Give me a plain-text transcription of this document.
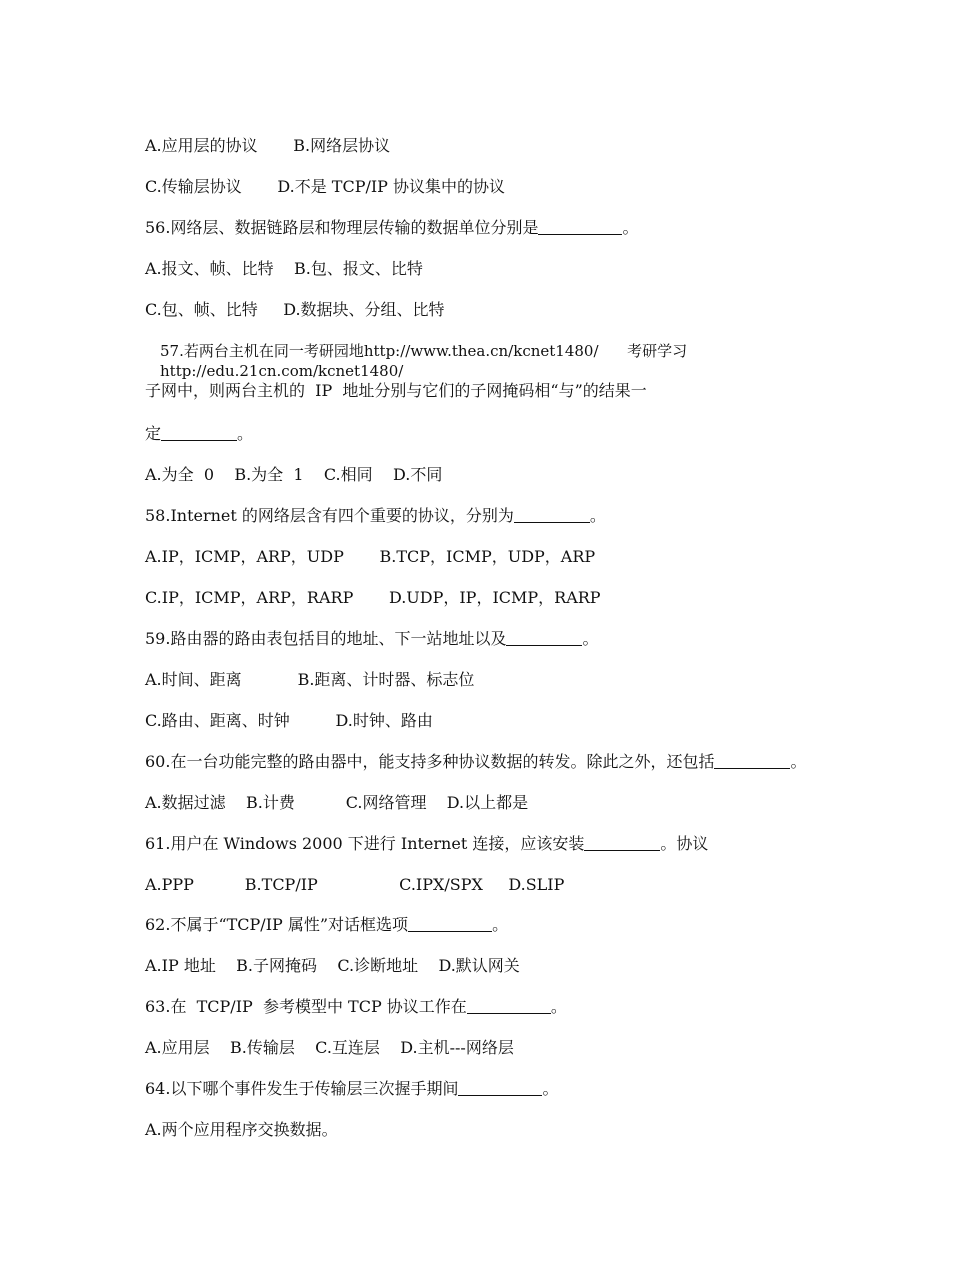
A.应用层的协议       B.网络层协议
C.传输层协议       D.不是 TCP/IP 协议集中的协议
56.网络层、数据链路层和物理层传输的数据单位分别是	。
A.报文、帧、比特    B.包、报文、比特
C.包、帧、比特     D.数据块、分组、比特
57.若两台主机在同一考研园地http://www.thea.cn/kcnet1480/      考研学习
http://edu.21cn.com/kcnet1480/
子网中，则两台主机的  IP  地址分别与它们的子网掩码相“与”的结果一
定	。
A.为全  0    B.为全  1    C.相同    D.不同
58.Internet 的网络层含有四个重要的协议，分别为	。
A.IP，ICMP，ARP，UDP       B.TCP，ICMP，UDP，ARP
C.IP，ICMP，ARP，RARP       D.UDP，IP，ICMP，RARP
59.路由器的路由表包括目的地址、下一站地址以及	。
A.时间、距离           B.距离、计时器、标志位
C.路由、距离、时钟         D.时钟、路由
60.在一台功能完整的路由器中，能支持多种协议数据的转发。除此之外，还包括	。
A.数据过滤    B.计费          C.网络管理    D.以上都是
61.用户在 Windows 2000 下进行 Internet 连接，应该安装	。协议
A.PPP          B.TCP/IP                C.IPX/SPX     D.SLIP
62.不属于“TCP/IP 属性”对话框选项	。
A.IP 地址    B.子网掩码    C.诊断地址    D.默认网关
63.在  TCP/IP  参考模型中 TCP 协议工作在	。
A.应用层    B.传输层    C.互连层    D.主机---网络层
64.以下哪个事件发生于传输层三次握手期间	。
A.两个应用程序交换数据。
